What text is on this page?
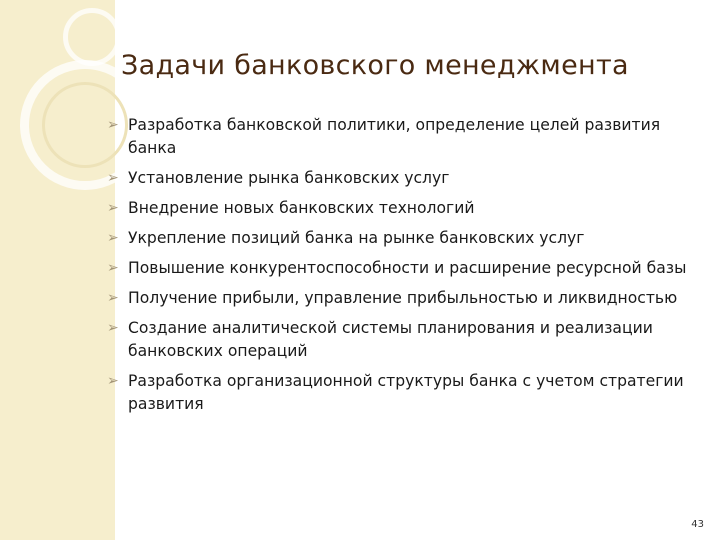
Задачи банковского менеджмента
➢ Разработка банковской политики, определение целей развития банка
➢ Установление рынка банковских услуг
➢ Внедрение новых банковских технологий
➢ Укрепление позиций банка на рынке банковских услуг
➢ Повышение конкурентоспособности и расширение ресурсной базы
➢ Получение прибыли, управление прибыльностью и ликвидностью
➢ Создание аналитической системы планирования и реализации банковских операций
➢ Разработка организационной структуры банка с учетом стратегии развития
43
